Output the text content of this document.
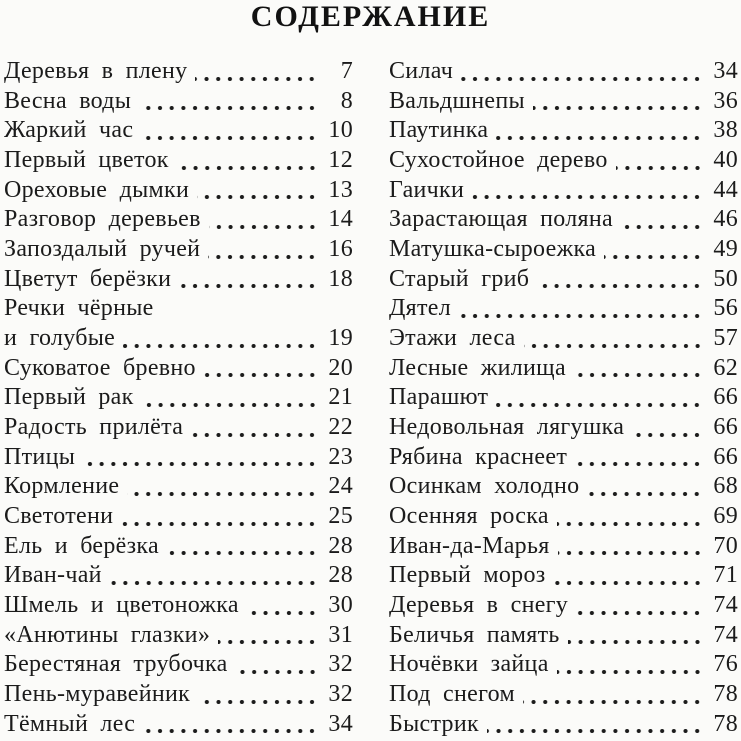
СОДЕРЖАНИЕ
Деревья в плену	7
Весна воды	8
Жаркий час	10
Первый цветок	12
Ореховые дымки	13
Разговор деревьев	14
Запоздалый ручей	16
Цветут берёзки	18
Речки чёрные
и голубые	19
Суковатое бревно	20
Первый рак	21
Радость прилёта	22
Птицы	23
Кормление	24
Светотени	25
Ель и берёзка	28
Иван-чай	28
Шмель и цветоножка	30
«Анютины глазки»	31
Берестяная трубочка	32
Пень-муравейник	32
Тёмный лес	34
Силач	34
Вальдшнепы	36
Паутинка	38
Сухостойное дерево	40
Гаички	44
Зарастающая поляна	46
Матушка-сыроежка	49
Старый гриб	50
Дятел	56
Этажи леса	57
Лесные жилища	62
Парашют	66
Недовольная лягушка	66
Рябина краснеет	66
Осинкам холодно	68
Осенняя роска	69
Иван-да-Марья	70
Первый мороз	71
Деревья в снегу	74
Беличья память	74
Ночёвки зайца	76
Под снегом	78
Быстрик	78
